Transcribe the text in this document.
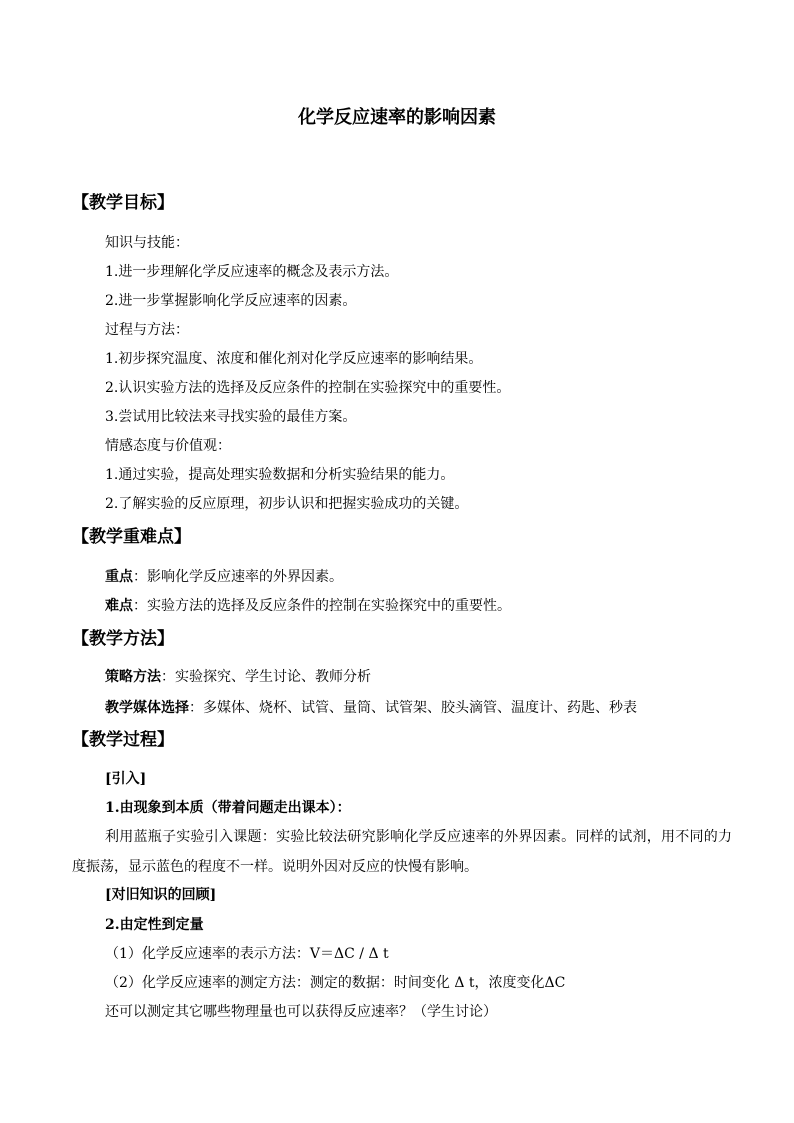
化学反应速率的影响因素
【教学目标】
知识与技能：
1.进一步理解化学反应速率的概念及表示方法。
2.进一步掌握影响化学反应速率的因素。
过程与方法：
1.初步探究温度、浓度和催化剂对化学反应速率的影响结果。
2.认识实验方法的选择及反应条件的控制在实验探究中的重要性。
3.尝试用比较法来寻找实验的最佳方案。
情感态度与价值观：
1.通过实验，提高处理实验数据和分析实验结果的能力。
2.了解实验的反应原理，初步认识和把握实验成功的关键。
【教学重难点】
重点：影响化学反应速率的外界因素。
难点：实验方法的选择及反应条件的控制在实验探究中的重要性。
【教学方法】
策略方法：实验探究、学生讨论、教师分析
教学媒体选择：多媒体、烧杯、试管、量筒、试管架、胶头滴管、温度计、药匙、秒表
【教学过程】
[引入]
1.由现象到本质（带着问题走出课本）：
利用蓝瓶子实验引入课题：实验比较法研究影响化学反应速率的外界因素。同样的试剂，用不同的力度振荡，显示蓝色的程度不一样。说明外因对反应的快慢有影响。
[对旧知识的回顾]
2.由定性到定量
（1）化学反应速率的表示方法：V＝ΔC / Δ t
（2）化学反应速率的测定方法：测定的数据：时间变化 Δ t，浓度变化ΔC
还可以测定其它哪些物理量也可以获得反应速率？（学生讨论）
